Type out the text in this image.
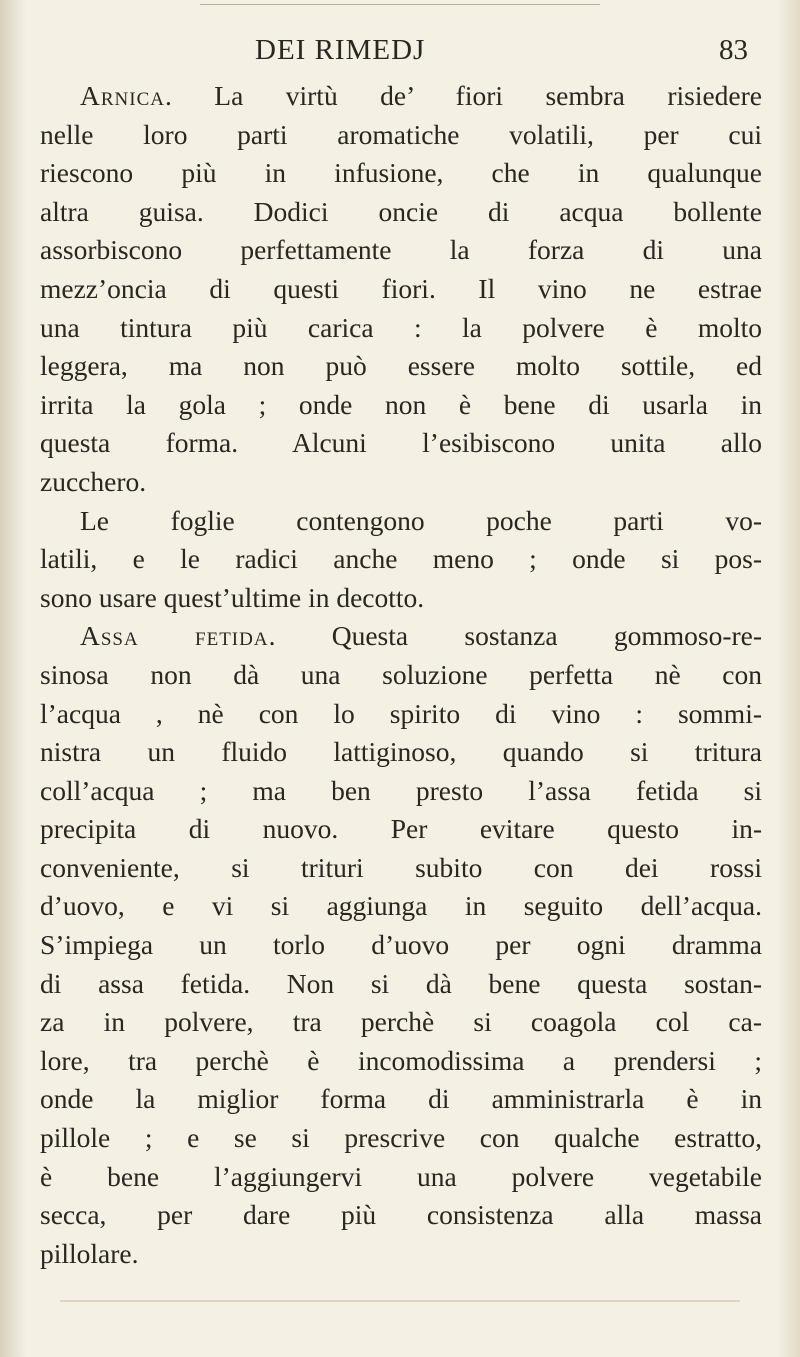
DEI RIMEDJ	83
Arnica. La virtù de’ fiori sembra risiedere
nelle loro parti aromatiche volatili, per cui
riescono più in infusione, che in qualunque
altra guisa. Dodici oncie di acqua bollente
assorbiscono perfettamente la forza di una
mezz’oncia di questi fiori. Il vino ne estrae
una tintura più carica : la polvere è molto
leggera, ma non può essere molto sottile, ed
irrita la gola ; onde non è bene di usarla in
questa forma. Alcuni l’esibiscono unita allo
zucchero.
Le foglie contengono poche parti vo-
latili, e le radici anche meno ; onde si pos-
sono usare quest’ultime in decotto.
Assa fetida. Questa sostanza gommoso-re-
sinosa non dà una soluzione perfetta nè con
l’acqua , nè con lo spirito di vino : sommi-
nistra un fluido lattiginoso, quando si tritura
coll’acqua ; ma ben presto l’assa fetida si
precipita di nuovo. Per evitare questo in-
conveniente, si trituri subito con dei rossi
d’uovo, e vi si aggiunga in seguito dell’acqua.
S’impiega un torlo d’uovo per ogni dramma
di assa fetida. Non si dà bene questa sostan-
za in polvere, tra perchè si coagola col ca-
lore, tra perchè è incomodissima a prendersi ;
onde la miglior forma di amministrarla è in
pillole ; e se si prescrive con qualche estratto,
è bene l’aggiungervi una polvere vegetabile
secca, per dare più consistenza alla massa
pillolare.
